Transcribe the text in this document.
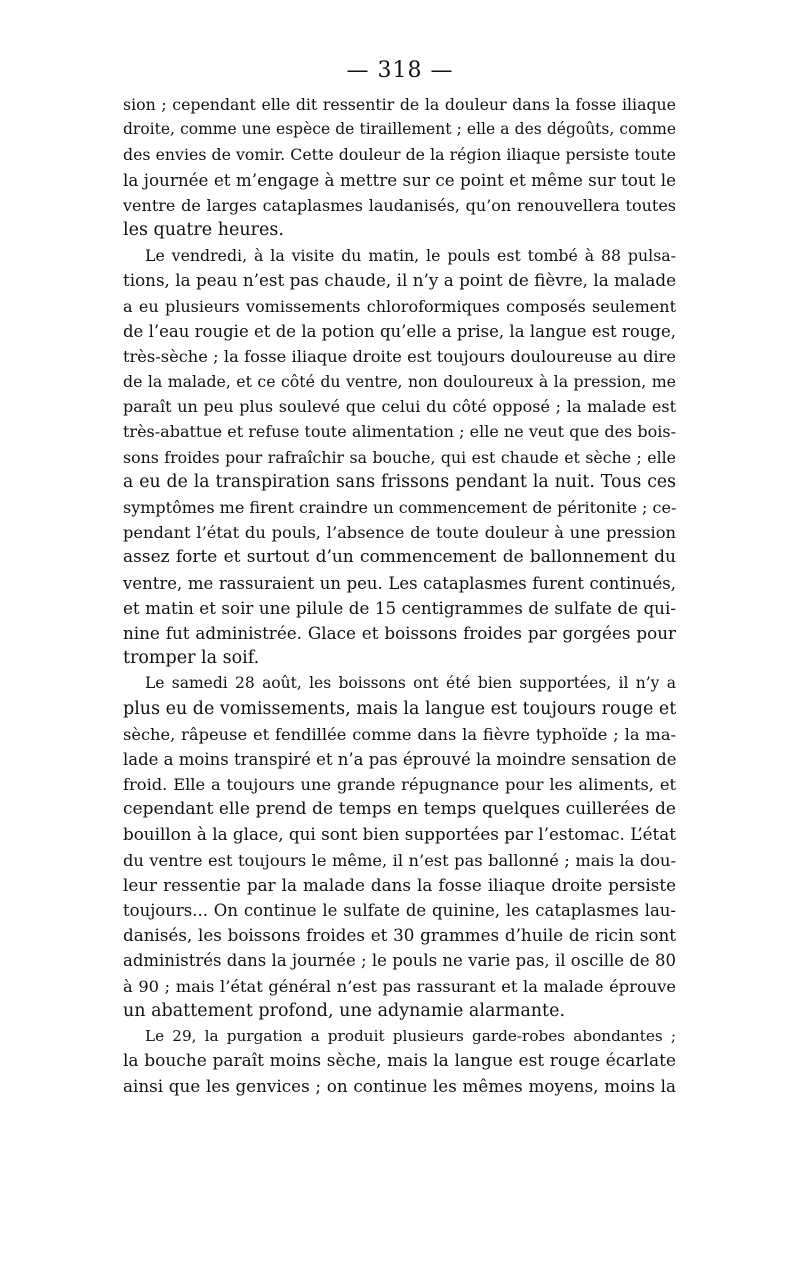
— 318 —
sion ; cependant elle dit ressentir de la douleur dans la fosse iliaque
droite, comme une espèce de tiraillement ; elle a des dégoûts, comme
des envies de vomir. Cette douleur de la région iliaque persiste toute
la journée et m’engage à mettre sur ce point et même sur tout le
ventre de larges cataplasmes laudanisés, qu’on renouvellera toutes
les quatre heures.
Le vendredi, à la visite du matin, le pouls est tombé à 88 pulsa-
tions, la peau n’est pas chaude, il n’y a point de fièvre, la malade
a eu plusieurs vomissements chloroformiques composés seulement
de l’eau rougie et de la potion qu’elle a prise, la langue est rouge,
très-sèche ; la fosse iliaque droite est toujours douloureuse au dire
de la malade, et ce côté du ventre, non douloureux à la pression, me
paraît un peu plus soulevé que celui du côté opposé ; la malade est
très-abattue et refuse toute alimentation ; elle ne veut que des bois-
sons froides pour rafraîchir sa bouche, qui est chaude et sèche ; elle
a eu de la transpiration sans frissons pendant la nuit. Tous ces
symptômes me firent craindre un commencement de péritonite ; ce-
pendant l’état du pouls, l’absence de toute douleur à une pression
assez forte et surtout d’un commencement de ballonnement du
ventre, me rassuraient un peu. Les cataplasmes furent continués,
et matin et soir une pilule de 15 centigrammes de sulfate de qui-
nine fut administrée. Glace et boissons froides par gorgées pour
tromper la soif.
Le samedi 28 août, les boissons ont été bien supportées, il n’y a
plus eu de vomissements, mais la langue est toujours rouge et
sèche, râpeuse et fendillée comme dans la fièvre typhoïde ; la ma-
lade a moins transpiré et n’a pas éprouvé la moindre sensation de
froid. Elle a toujours une grande répugnance pour les aliments, et
cependant elle prend de temps en temps quelques cuillerées de
bouillon à la glace, qui sont bien supportées par l’estomac. L’état
du ventre est toujours le même, il n’est pas ballonné ; mais la dou-
leur ressentie par la malade dans la fosse iliaque droite persiste
toujours... On continue le sulfate de quinine, les cataplasmes lau-
danisés, les boissons froides et 30 grammes d’huile de ricin sont
administrés dans la journée ; le pouls ne varie pas, il oscille de 80
à 90 ; mais l’état général n’est pas rassurant et la malade éprouve
un abattement profond, une adynamie alarmante.
Le 29, la purgation a produit plusieurs garde-robes abondantes ;
la bouche paraît moins sèche, mais la langue est rouge écarlate
ainsi que les genvices ; on continue les mêmes moyens, moins la
